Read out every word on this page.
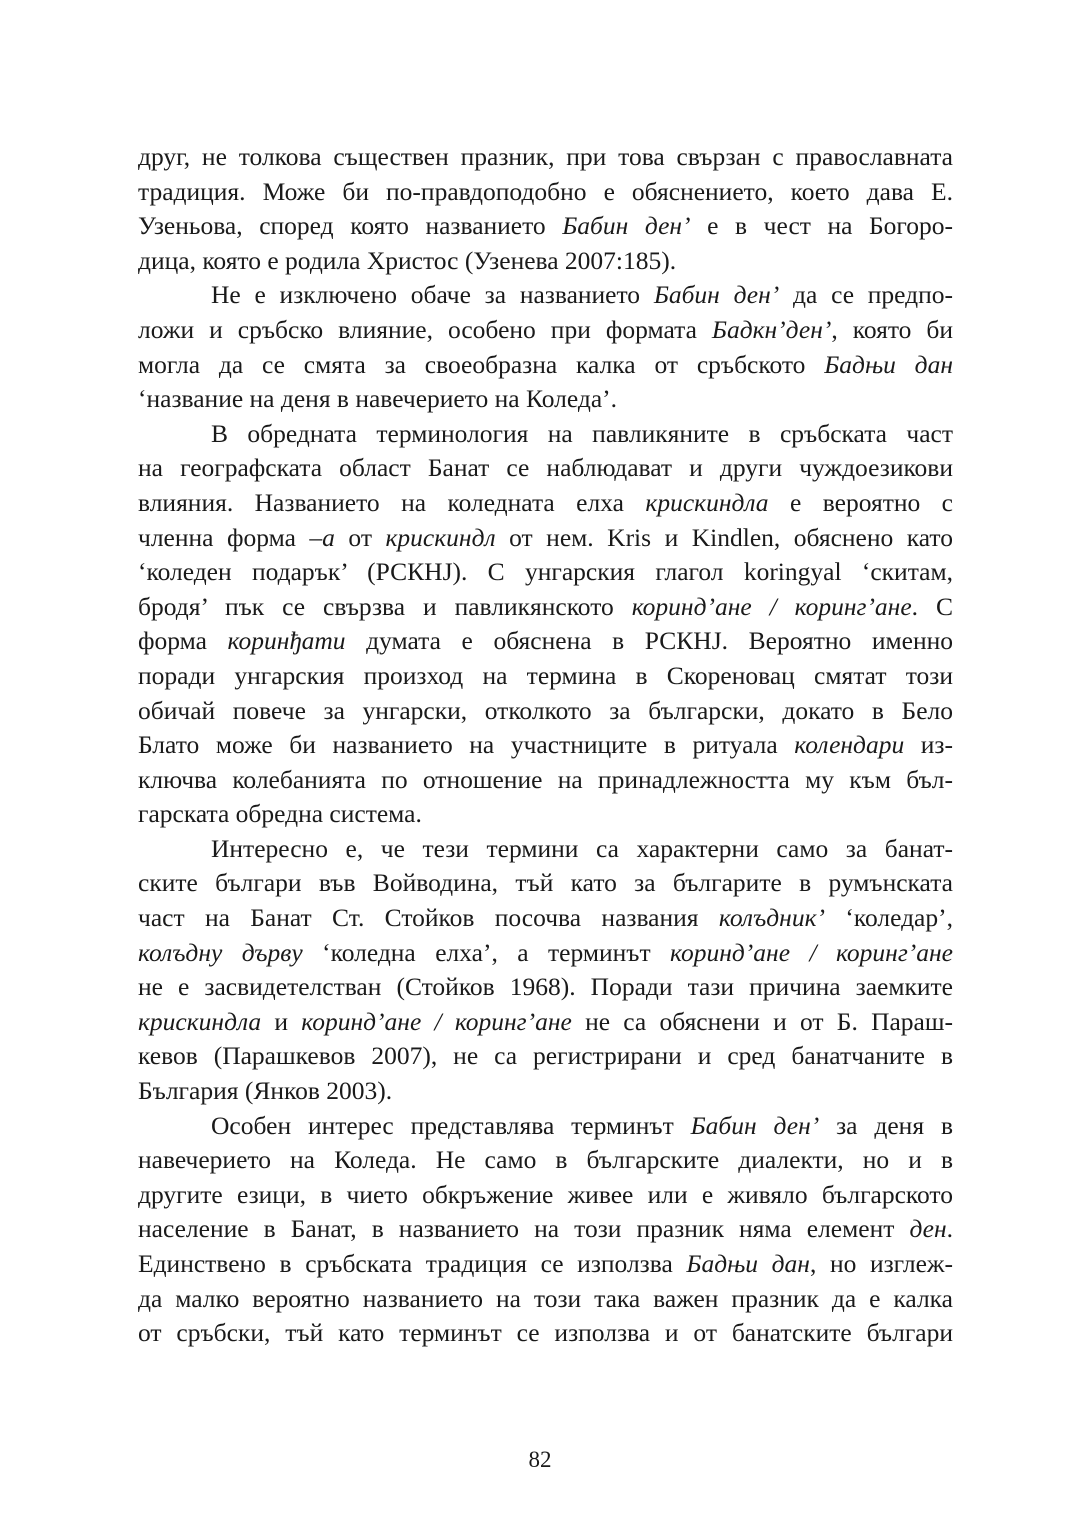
друг, не толкова съществен празник, при това свързан с православната
традиция. Може би по-правдоподобно е обяснението, което дава Е.
Узеньова, според която названието Бабин ден’ е в чест на Богоро-
дица, която е родила Христос (Узенева 2007:185).
Не е изключено обаче за названието Бабин ден’ да се предпо-
ложи и сръбско влияние, особено при формата Бадкн’ден’, която би
могла да се смята за своеобразна калка от сръбското Бадњи дан
‘название на деня в навечерието на Коледа’.
В обредната терминология на павликяните в сръбската част
на географската област Банат се наблюдават и други чуждоезикови
влияния. Названието на коледната елха крискиндла е вероятно с
членна форма –а от крискиндл от нем. Kris и Kindlen, обяснено като
‘коледен подарък’ (РСКНЈ). С унгарския глагол koringyal ‘скитам,
бродя’ пък се свързва и павликянското коринд’ане / коринг’ане. С
форма коринђати думата е обяснена в РСКНЈ. Вероятно именно
поради унгарския произход на термина в Скореновац смятат този
обичай повече за унгарски, отколкото за български, докато в Бело
Блато може би названието на участниците в ритуала колендари из-
ключва колебанията по отношение на принадлежността му към бъл-
гарската обредна система.
Интересно е, че тези термини са характерни само за банат-
ските българи във Войводина, тъй като за българите в румънската
част на Банат Ст. Стойков посочва названия колъдник’ ‘коледар’,
колъдну дърву ‘коледна елха’, а терминът коринд’ане / коринг’ане
не е засвидетелстван (Стойков 1968). Поради тази причина заемките
крискиндла и коринд’ане / коринг’ане не са обяснени и от Б. Параш-
кевов (Парашкевов 2007), не са регистрирани и сред банатчаните в
България (Янков 2003).
Особен интерес представлява терминът Бабин ден’ за деня в
навечерието на Коледа. Не само в българските диалекти, но и в
другите езици, в чието обкръжение живее или е живяло българското
население в Банат, в названието на този празник няма елемент ден.
Единствено в сръбската традиция се използва Бадњи дан, но изглеж-
да малко вероятно названието на този така важен празник да е калка
от сръбски, тъй като терминът се използва и от банатските българи
82
